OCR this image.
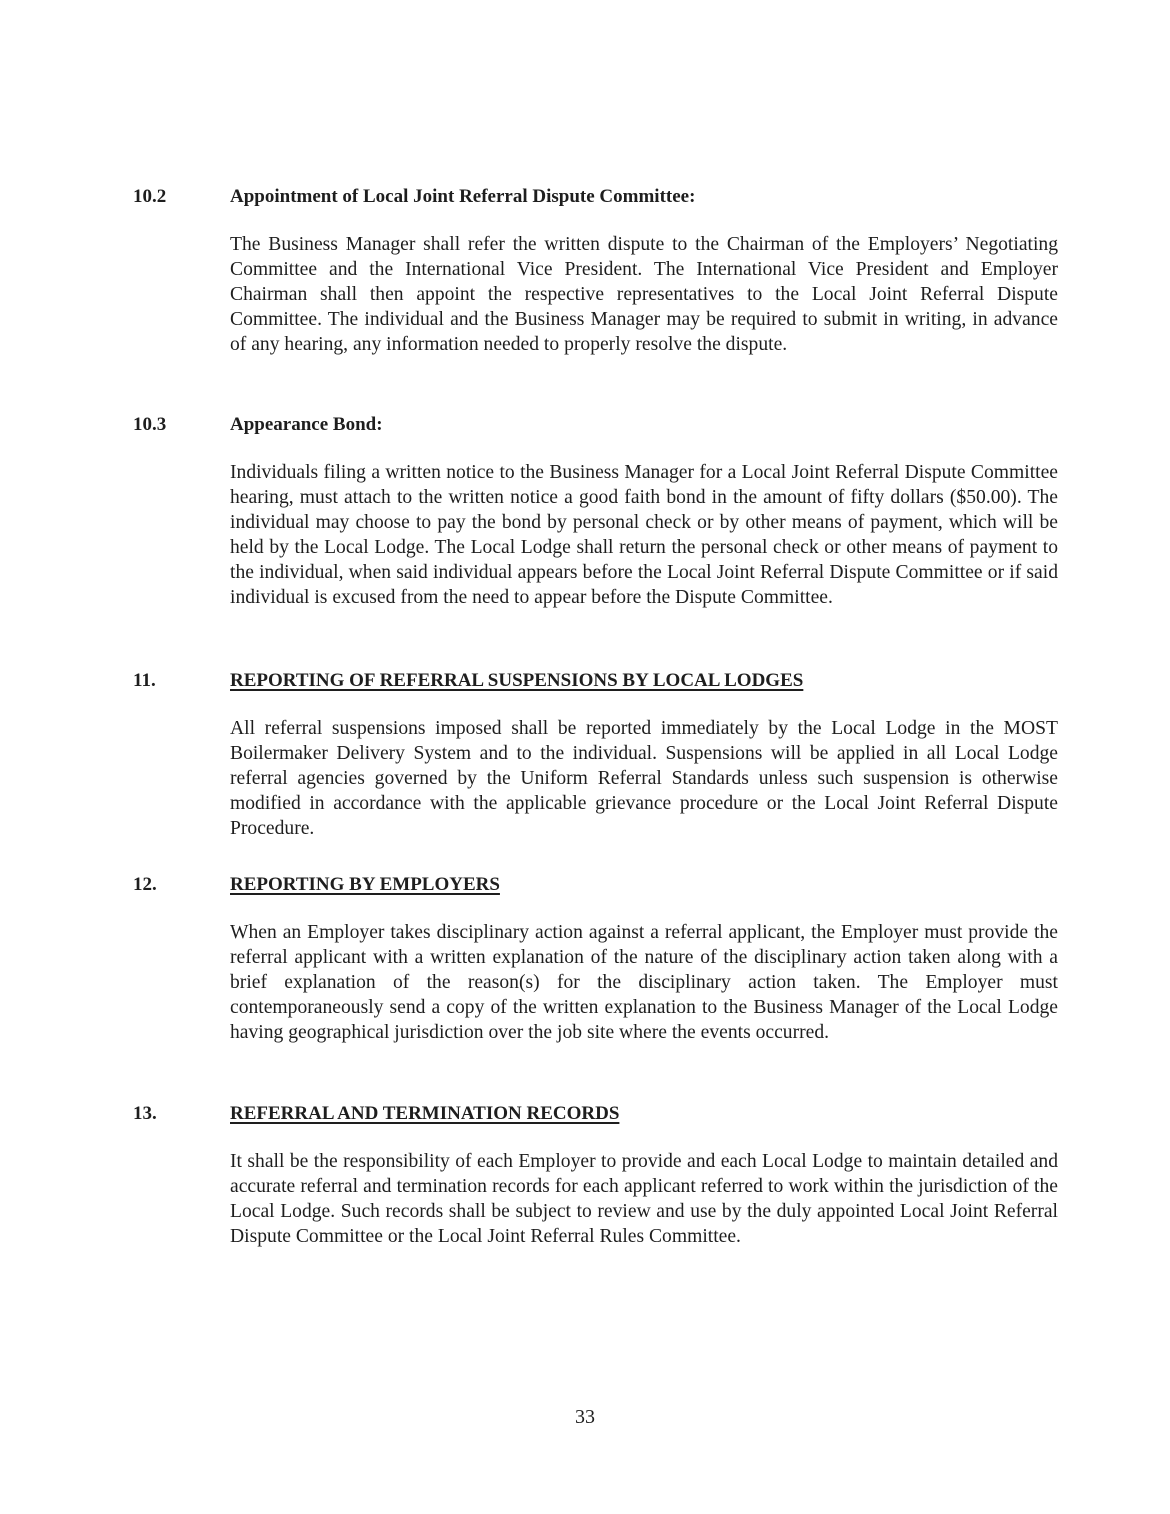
10.2	Appointment of Local Joint Referral Dispute Committee:
The Business Manager shall refer the written dispute to the Chairman of the Employers’ Negotiating Committee and the International Vice President. The International Vice President and Employer Chairman shall then appoint the respective representatives to the Local Joint Referral Dispute Committee. The individual and the Business Manager may be required to submit in writing, in advance of any hearing, any information needed to properly resolve the dispute.
10.3	Appearance Bond:
Individuals filing a written notice to the Business Manager for a Local Joint Referral Dispute Committee hearing, must attach to the written notice a good faith bond in the amount of fifty dollars ($50.00). The individual may choose to pay the bond by personal check or by other means of payment, which will be held by the Local Lodge. The Local Lodge shall return the personal check or other means of payment to the individual, when said individual appears before the Local Joint Referral Dispute Committee or if said individual is excused from the need to appear before the Dispute Committee.
11.	REPORTING OF REFERRAL SUSPENSIONS BY LOCAL LODGES
All referral suspensions imposed shall be reported immediately by the Local Lodge in the MOST Boilermaker Delivery System and to the individual. Suspensions will be applied in all Local Lodge referral agencies governed by the Uniform Referral Standards unless such suspension is otherwise modified in accordance with the applicable grievance procedure or the Local Joint Referral Dispute Procedure.
12.	REPORTING BY EMPLOYERS
When an Employer takes disciplinary action against a referral applicant, the Employer must provide the referral applicant with a written explanation of the nature of the disciplinary action taken along with a brief explanation of the reason(s) for the disciplinary action taken. The Employer must contemporaneously send a copy of the written explanation to the Business Manager of the Local Lodge having geographical jurisdiction over the job site where the events occurred.
13.	REFERRAL AND TERMINATION RECORDS
It shall be the responsibility of each Employer to provide and each Local Lodge to maintain detailed and accurate referral and termination records for each applicant referred to work within the jurisdiction of the Local Lodge. Such records shall be subject to review and use by the duly appointed Local Joint Referral Dispute Committee or the Local Joint Referral Rules Committee.
33
